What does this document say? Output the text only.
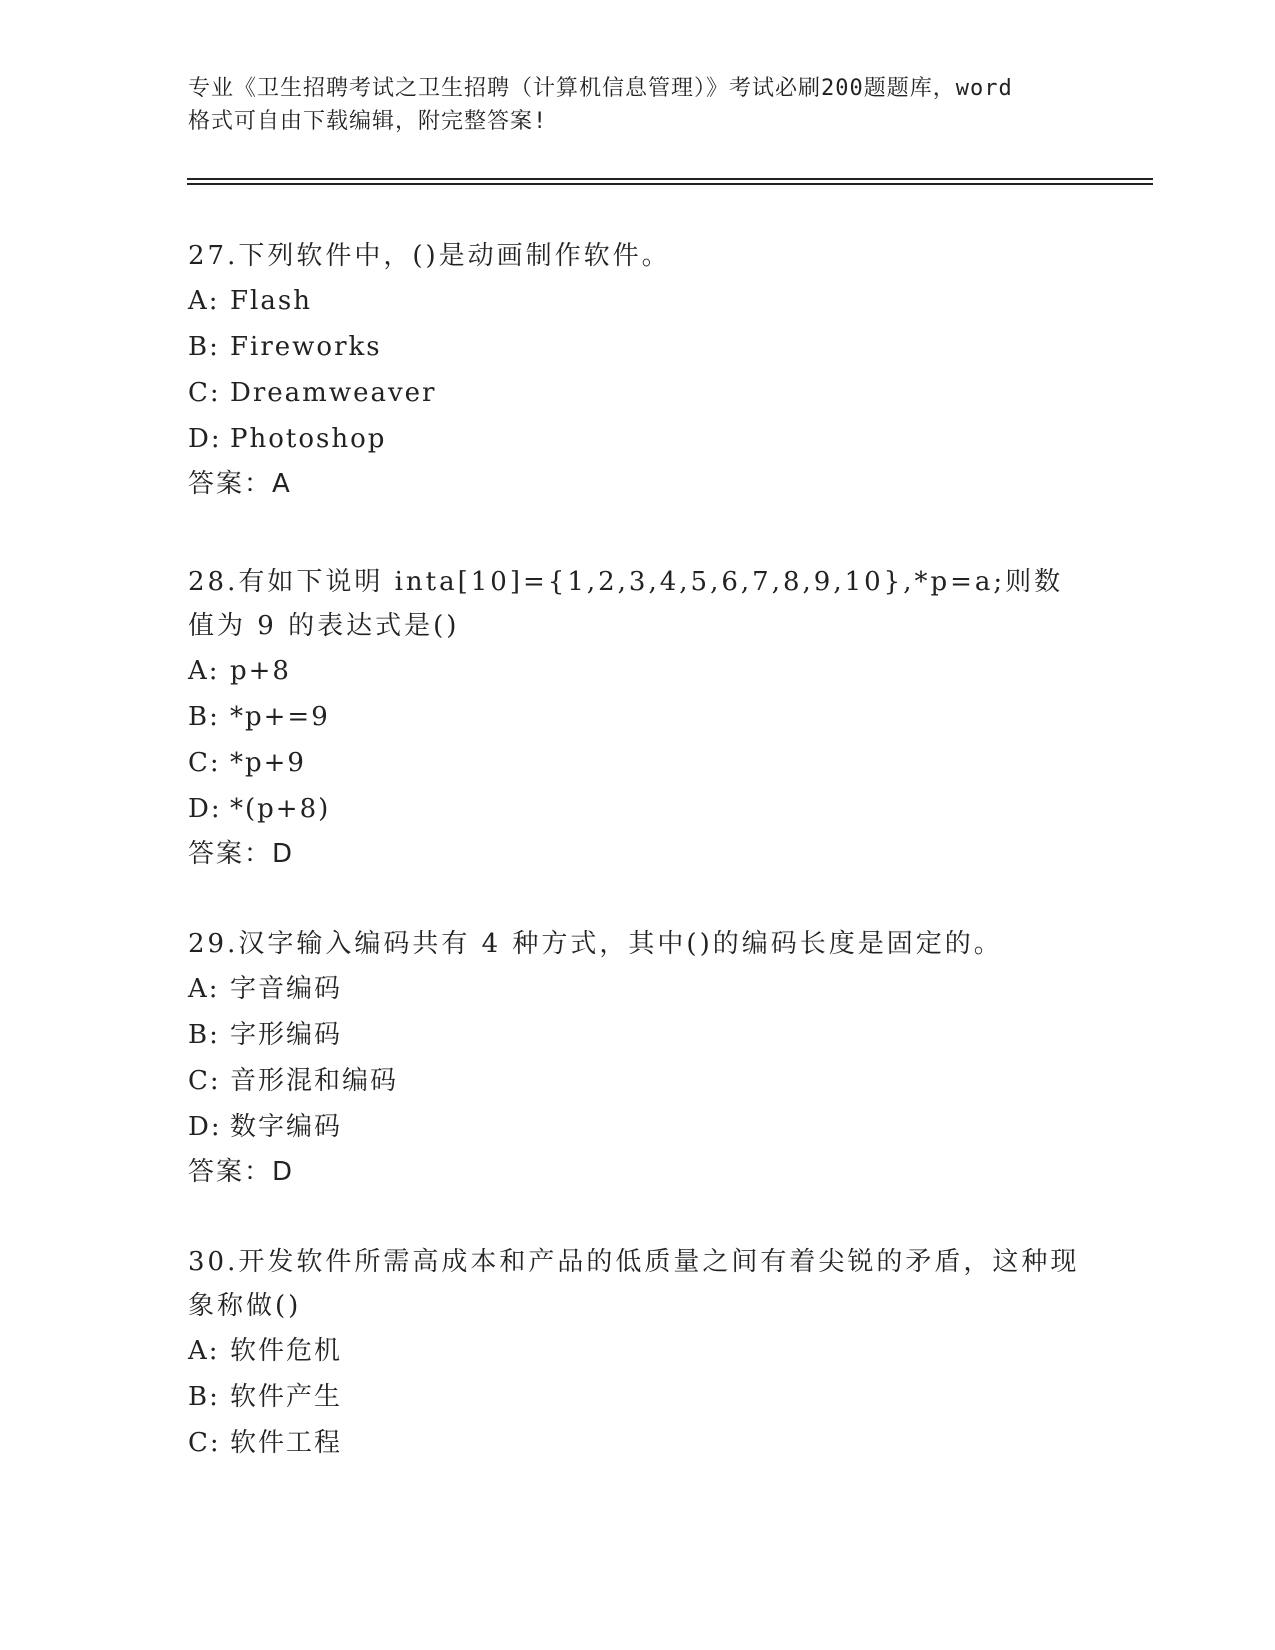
专业《卫生招聘考试之卫生招聘（计算机信息管理）》考试必刷200题题库，word
格式可自由下载编辑，附完整答案!

27.下列软件中，()是动画制作软件。

A: Flash

B: Fireworks

C: Dreamweaver

D: Photoshop

答案：A

28.有如下说明 inta[10]={1,2,3,4,5,6,7,8,9,10},*p=a;则数值为 9 的表达式是()

A: p+8

B: *p+=9

C: *p+9

D: *(p+8)

答案：D

29.汉字输入编码共有 4 种方式，其中()的编码长度是固定的。

A: 字音编码

B: 字形编码

C: 音形混和编码

D: 数字编码

答案：D

30.开发软件所需高成本和产品的低质量之间有着尖锐的矛盾，这种现象称做()

A: 软件危机

B: 软件产生

C: 软件工程
